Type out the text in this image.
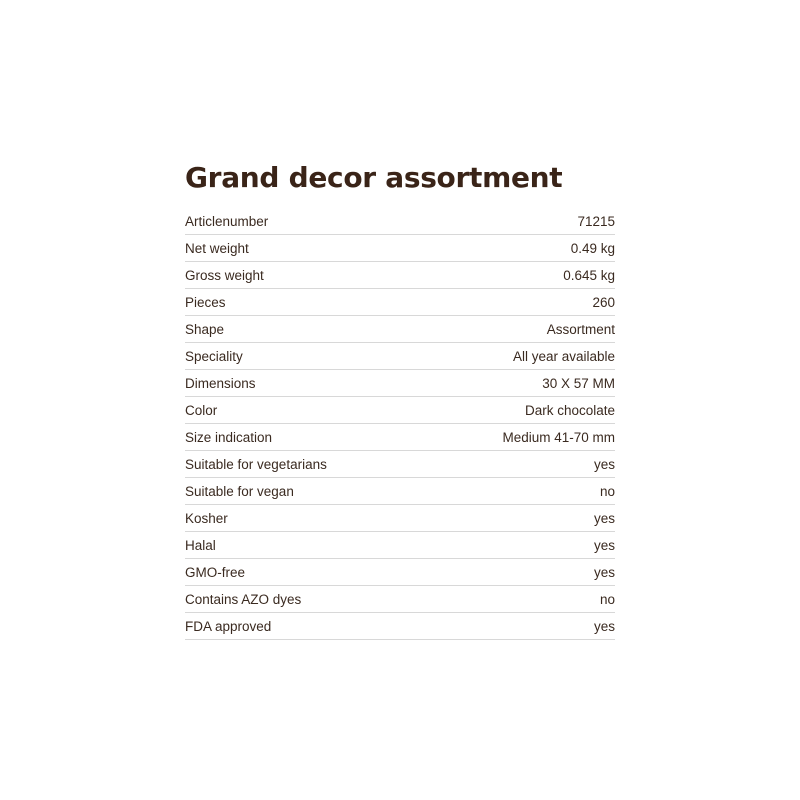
Grand decor assortment
Articlenumber	71215
Net weight	0.49 kg
Gross weight	0.645 kg
Pieces	260
Shape	Assortment
Speciality	All year available
Dimensions	30 X 57 MM
Color	Dark chocolate
Size indication	Medium 41-70 mm
Suitable for vegetarians	yes
Suitable for vegan	no
Kosher	yes
Halal	yes
GMO-free	yes
Contains AZO dyes	no
FDA approved	yes
